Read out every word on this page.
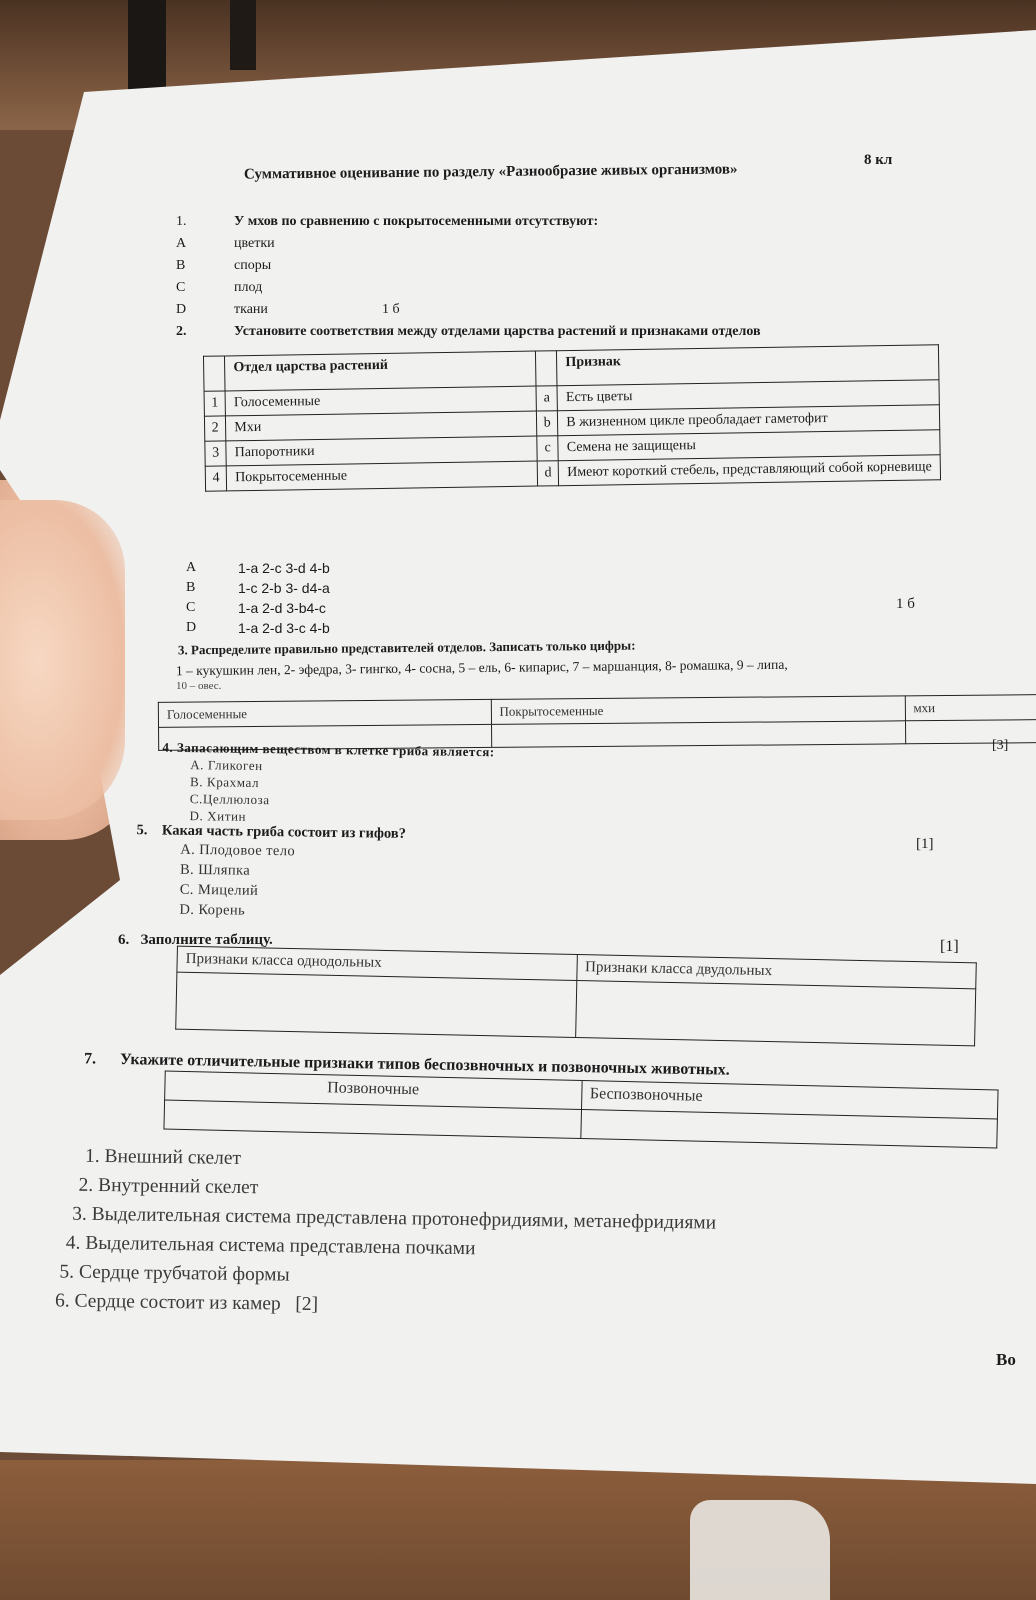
Суммативное оценивание по разделу «Разнообразие живых организмов»
8 кл
1.	У мхов по сравнению с покрытосеменными отсутствуют:
A	цветки
B	споры
C	плод
D	ткани	1 б
2.	Установите соответствия между отделами царства растений и признаками отделов
	Отдел царства растений		Признак
1	Голосеменные	a	Есть цветы
2	Мхи	b	В жизненном цикле преобладает гаметофит
3	Папоротники	c	Семена не защищены
4	Покрытосеменные	d	Имеют короткий стебель, представляющий собой корневище
A	1-a 2-c 3-d 4-b
B	1-c 2-b 3- d4-a
C	1-a 2-d 3-b4-c
D	1-a 2-d 3-c 4-b
1 б
3. Распределите правильно представителей отделов. Записать только цифры:
1 – кукушкин лен, 2- эфедра, 3- гингко, 4- сосна, 5 – ель, 6- кипарис, 7 – маршанция, 8- ромашка, 9 – липа,
10 – овес.
Голосеменные	Покрытосеменные	мхи

[3]
4. Запасающим веществом в клетке гриба является:
A. Гликоген
B. Крахмал
C.Целлюлоза
D. Хитин
5. Какая часть гриба состоит из гифов?
A. Плодовое тело
B. Шляпка
C. Мицелий
D. Корень
[1]
6. Заполните таблицу.	[1]
Признаки класса однодольных	Признаки класса двудольных

7. Укажите отличительные признаки типов беспозвночных и позвоночных животных.
Позвоночные	Беспозвоночные

1. Внешний скелет
2. Внутренний скелет
3. Выделительная система представлена протонефридиями, метанефридиями
4. Выделительная система представлена почками
5. Сердце трубчатой формы
6. Сердце состоит из камер [2]
Bo
